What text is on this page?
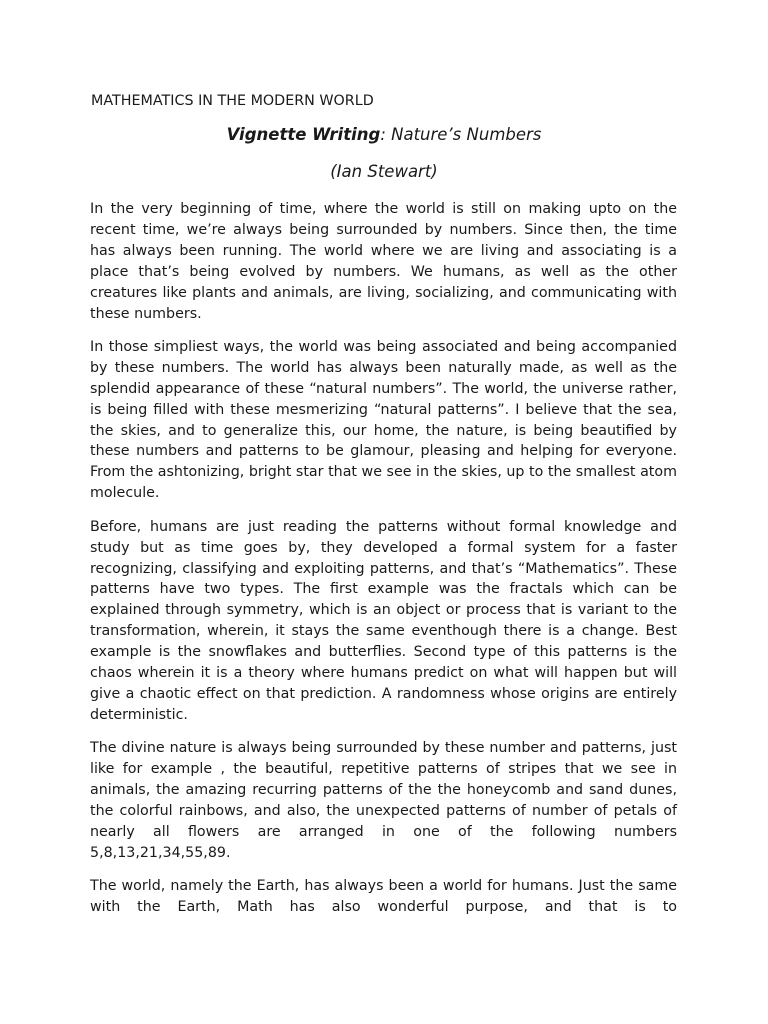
MATHEMATICS IN THE MODERN WORLD
Vignette Writing: Nature’s Numbers
(Ian Stewart)

In the very beginning of time, where the world is still on making upto on the recent time, we’re always being surrounded by numbers. Since then, the time has always been running. The world where we are living and associating is a place that’s being evolved by numbers. We humans, as well as the other creatures like plants and animals, are living, socializing, and communicating with these numbers.

In those simpliest ways, the world was being associated and being accompanied by these numbers. The world has always been naturally made, as well as the splendid appearance of these “natural numbers”. The world, the universe rather, is being filled with these mesmerizing “natural patterns”. I believe that the sea, the skies, and to generalize this, our home, the nature, is being beautified by these numbers and patterns to be glamour, pleasing and helping for everyone. From the ashtonizing, bright star that we see in the skies, up to the smallest atom molecule.

Before, humans are just reading the patterns without formal knowledge and study but as time goes by, they developed a formal system for a faster recognizing, classifying and exploiting patterns, and that’s “Mathematics”. These patterns have two types. The first example was the fractals which can be explained through symmetry, which is an object or process that is variant to the transformation, wherein, it stays the same eventhough there is a change. Best example is the snowflakes and butterflies. Second type of this patterns is the chaos wherein it is a theory where humans predict on what will happen but will give a chaotic effect on that prediction. A randomness whose origins are entirely deterministic.

The divine nature is always being surrounded by these number and patterns, just like for example , the beautiful, repetitive patterns of stripes that we see in animals, the amazing recurring patterns of the the honeycomb and sand dunes, the colorful rainbows, and also, the unexpected patterns of number of petals of nearly all flowers are arranged in one of the following numbers 5,8,13,21,34,55,89.

The world, namely the Earth, has always been a world for humans. Just the same with the Earth, Math has also wonderful purpose, and that is to
